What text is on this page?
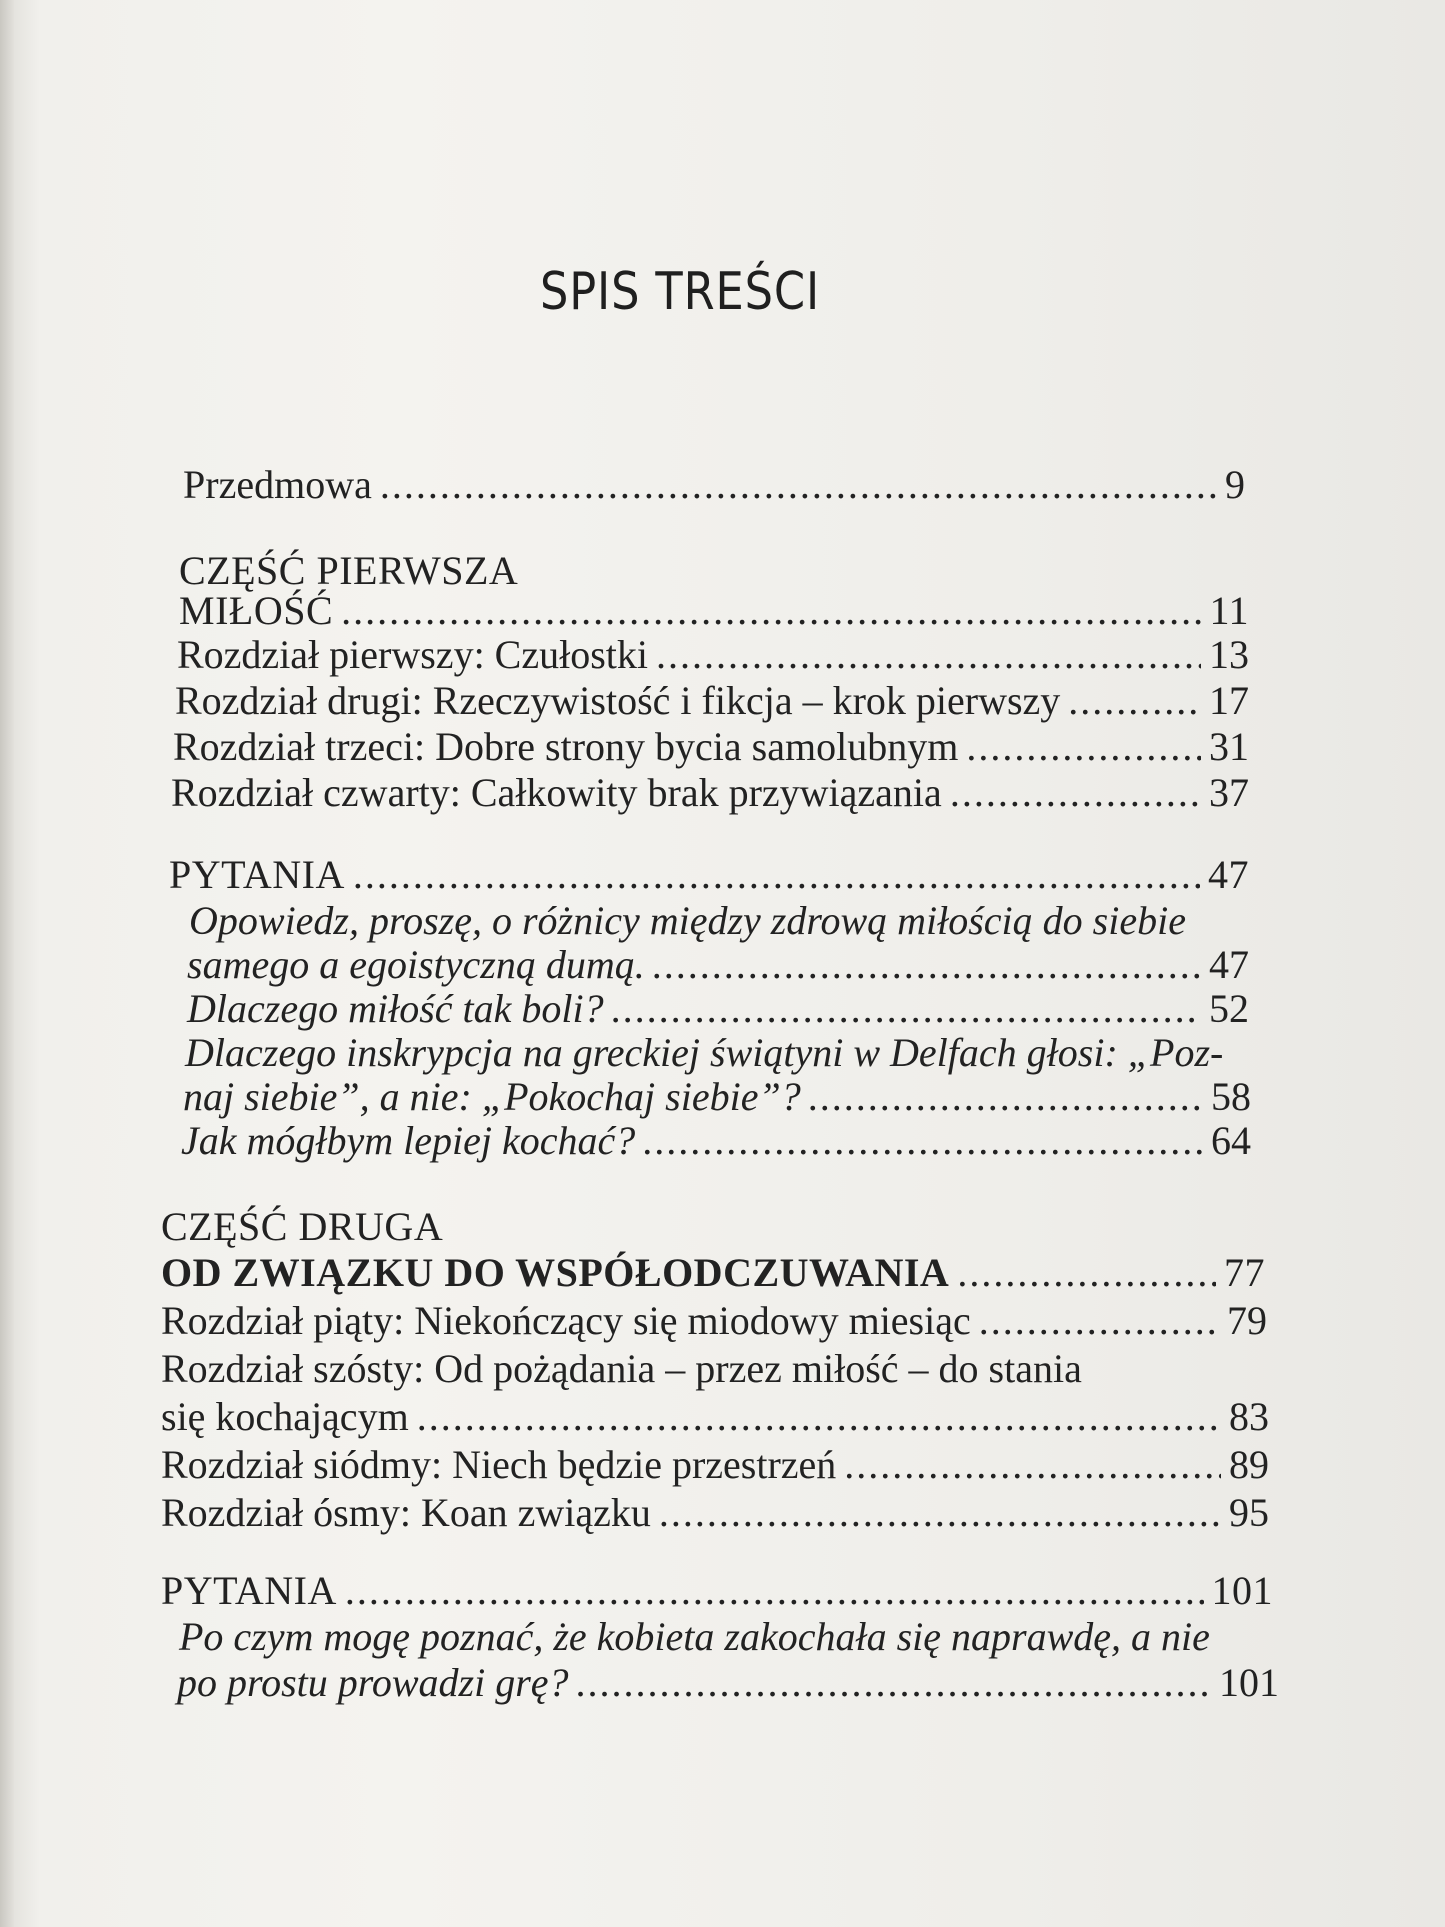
SPIS TREŚCI
Przedmowa .....	9
CZĘŚĆ PIERWSZA
MIŁOŚĆ .....	11
Rozdział pierwszy: Czułostki .....	13
Rozdział drugi: Rzeczywistość i fikcja – krok pierwszy .....	17
Rozdział trzeci: Dobre strony bycia samolubnym .....	31
Rozdział czwarty: Całkowity brak przywiązania .....	37
PYTANIA .....	47
Opowiedz, proszę, o różnicy między zdrową miłością do siebie
samego a egoistyczną dumą. .....	47
Dlaczego miłość tak boli? .....	52
Dlaczego inskrypcja na greckiej świątyni w Delfach głosi: „Poz-
naj siebie”, a nie: „Pokochaj siebie”? .....	58
Jak mógłbym lepiej kochać? .....	64
CZĘŚĆ DRUGA
OD ZWIĄZKU DO WSPÓŁODCZUWANIA .....	77
Rozdział piąty: Niekończący się miodowy miesiąc .....	79
Rozdział szósty: Od pożądania – przez miłość – do stania
się kochającym .....	83
Rozdział siódmy: Niech będzie przestrzeń .....	89
Rozdział ósmy: Koan związku .....	95
PYTANIA .....	101
Po czym mogę poznać, że kobieta zakochała się naprawdę, a nie
po prostu prowadzi grę? .....	101
